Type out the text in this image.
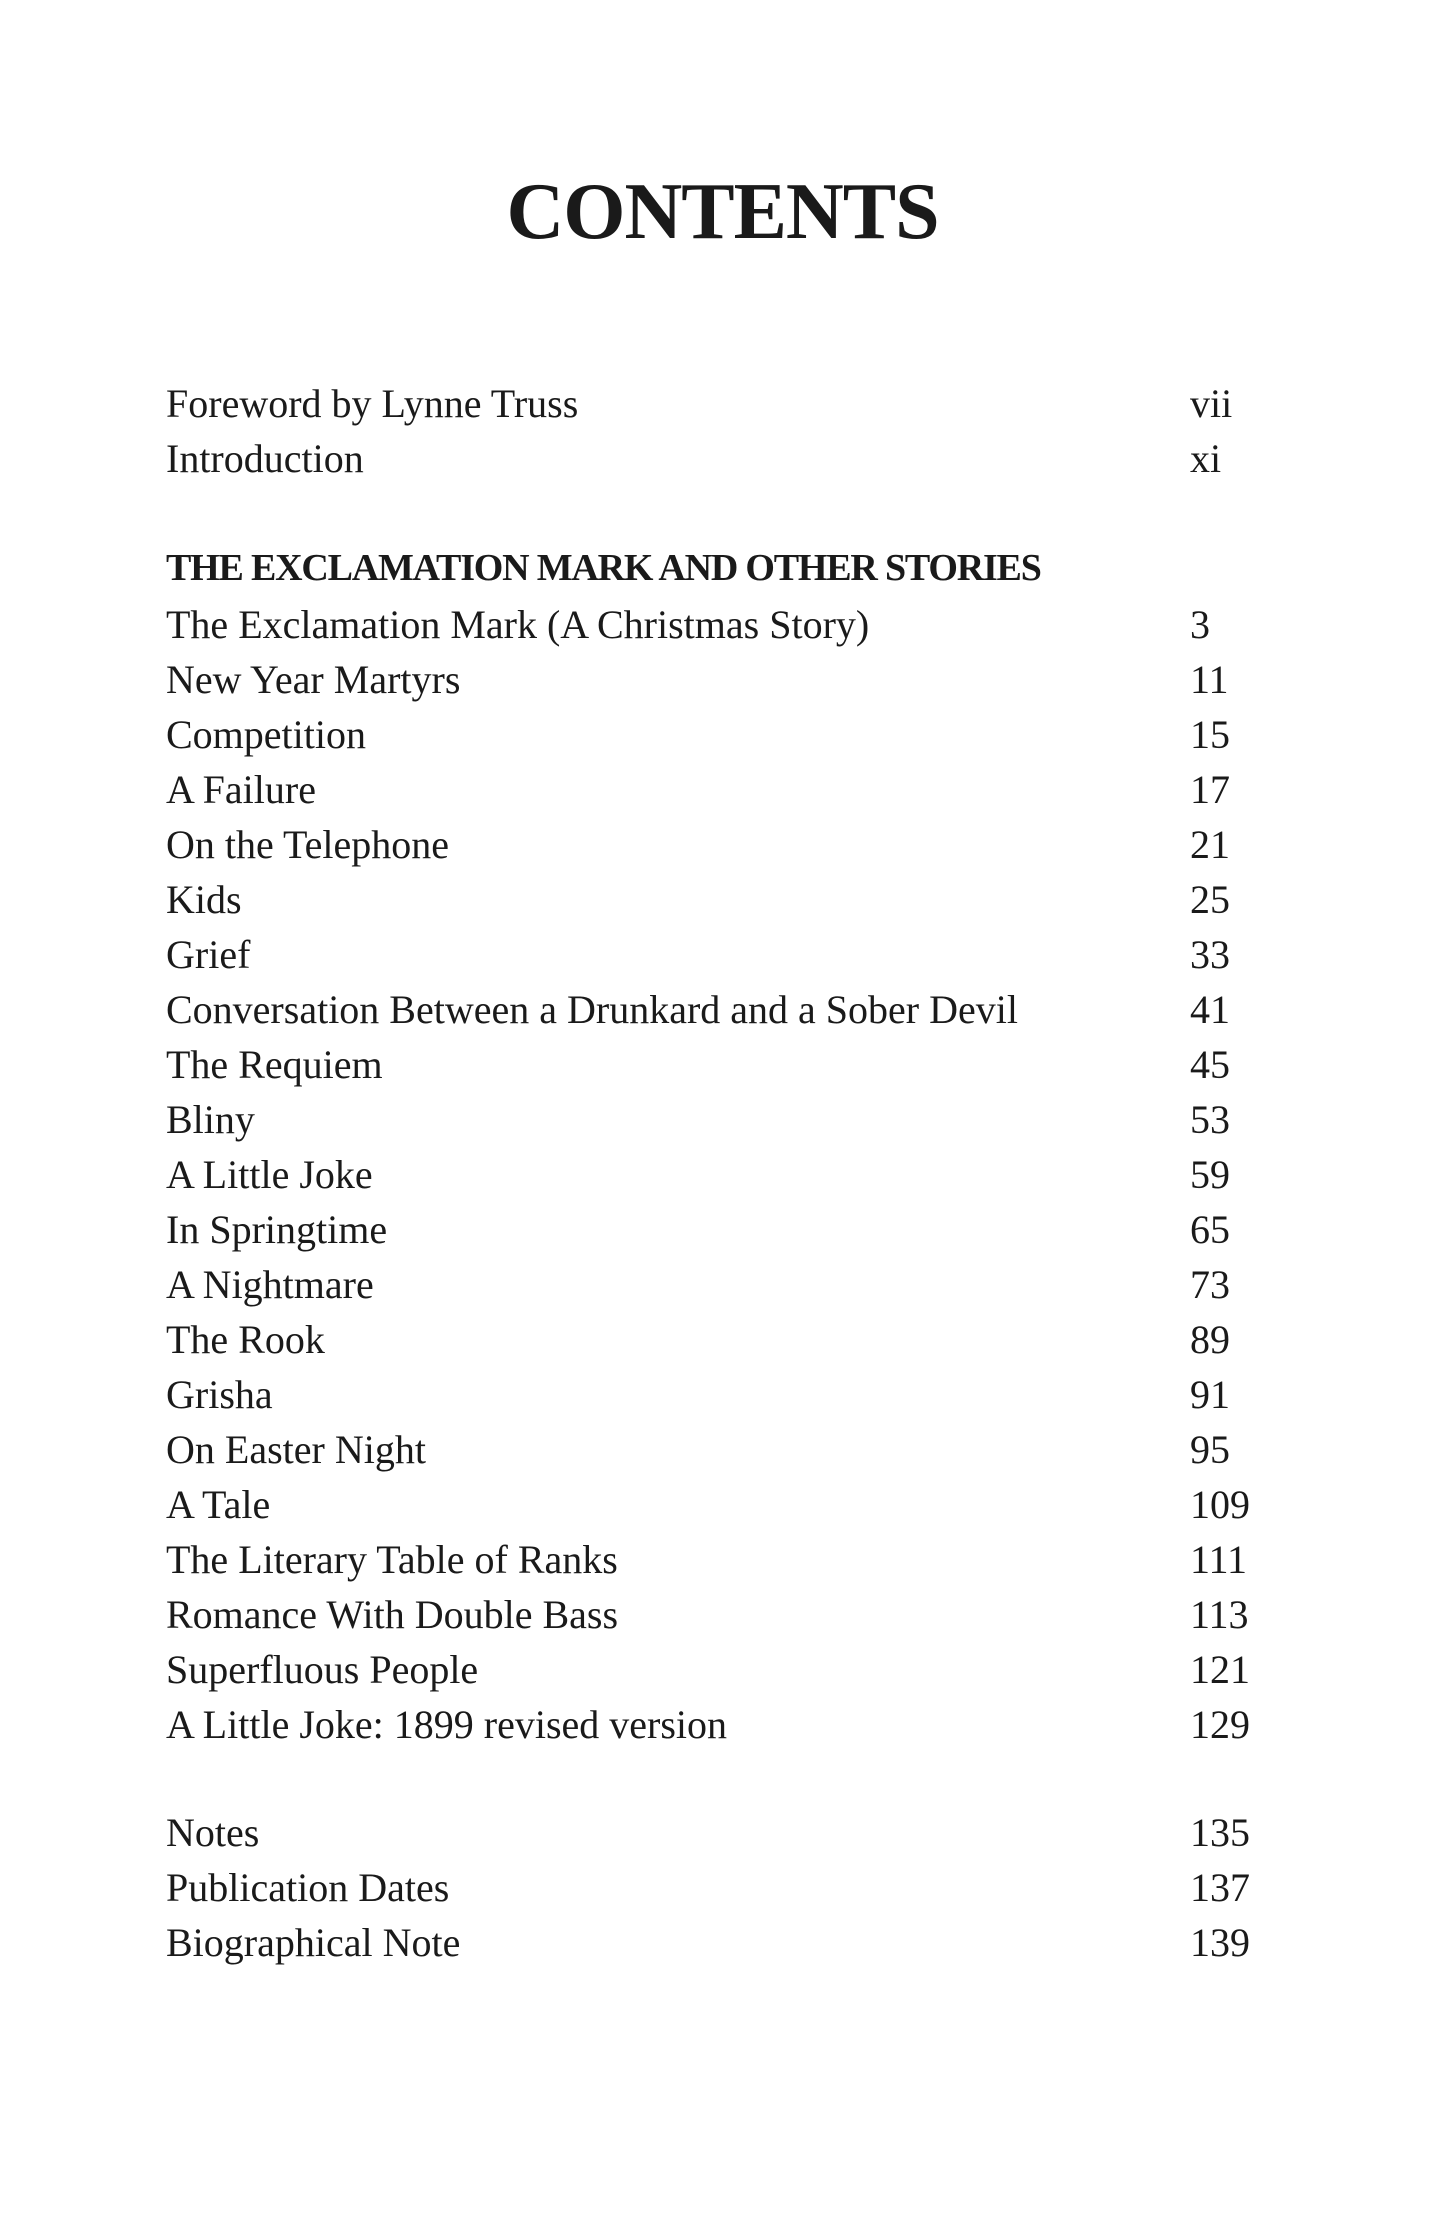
CONTENTS
Foreword by Lynne Truss	vii
Introduction	xi
THE EXCLAMATION MARK AND OTHER STORIES
The Exclamation Mark (A Christmas Story)	3
New Year Martyrs	11
Competition	15
A Failure	17
On the Telephone	21
Kids	25
Grief	33
Conversation Between a Drunkard and a Sober Devil	41
The Requiem	45
Bliny	53
A Little Joke	59
In Springtime	65
A Nightmare	73
The Rook	89
Grisha	91
On Easter Night	95
A Tale	109
The Literary Table of Ranks	111
Romance With Double Bass	113
Superfluous People	121
A Little Joke: 1899 revised version	129
Notes	135
Publication Dates	137
Biographical Note	139
